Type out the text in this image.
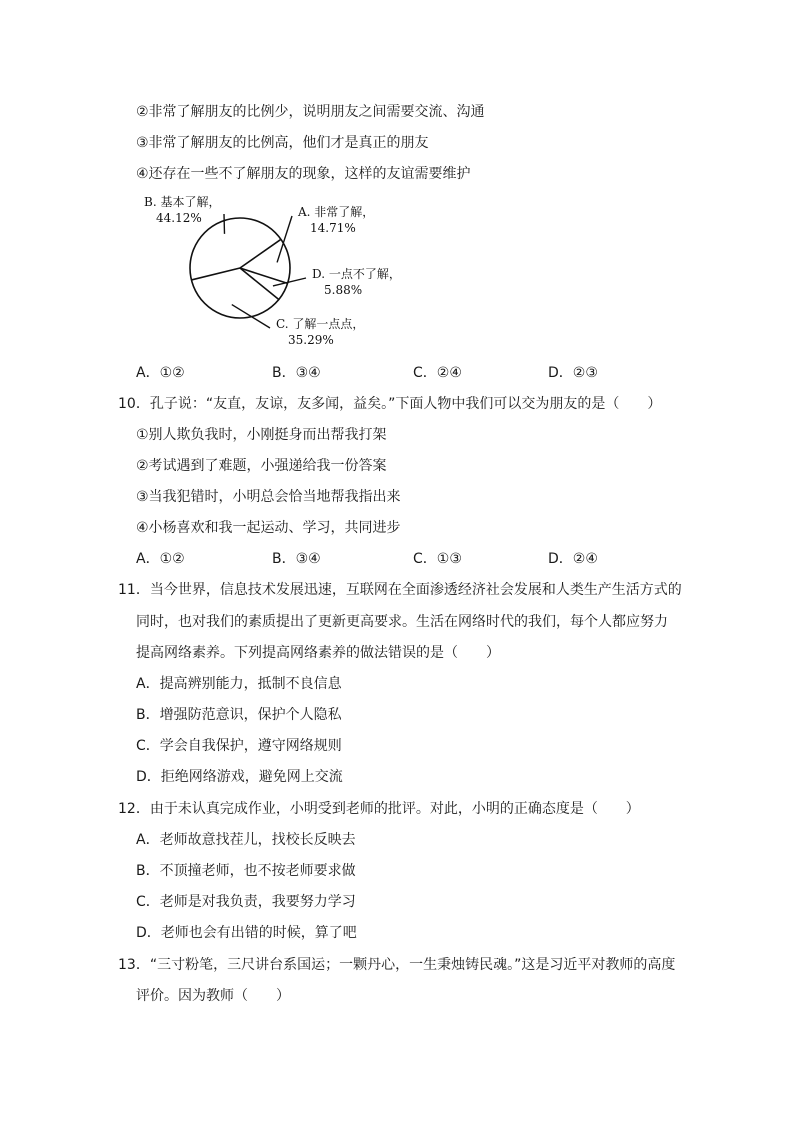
②非常了解朋友的比例少，说明朋友之间需要交流、沟通
③非常了解朋友的比例高，他们才是真正的朋友
④还存在一些不了解朋友的现象，这样的友谊需要维护
A. 非常了解，
14.71%
D. 一点不了解，
5.88%
C. 了解一点点，
35.29%
B. 基本了解，
44.12%
A．①②	B．③④	C．②④	D．②③
10．孔子说：“友直，友谅，友多闻，益矣。”下面人物中我们可以交为朋友的是（　　）
①别人欺负我时，小刚挺身而出帮我打架
②考试遇到了难题，小强递给我一份答案
③当我犯错时，小明总会恰当地帮我指出来
④小杨喜欢和我一起运动、学习，共同进步
A．①②	B．③④	C．①③	D．②④
11．当今世界，信息技术发展迅速，互联网在全面渗透经济社会发展和人类生产生活方式的
同时，也对我们的素质提出了更新更高要求。生活在网络时代的我们，每个人都应努力
提高网络素养。下列提高网络素养的做法错误的是（　　）
A．提高辨别能力，抵制不良信息
B．增强防范意识，保护个人隐私
C．学会自我保护，遵守网络规则
D．拒绝网络游戏，避免网上交流
12．由于未认真完成作业，小明受到老师的批评。对此，小明的正确态度是（　　）
A．老师故意找茬儿，找校长反映去
B．不顶撞老师，也不按老师要求做
C．老师是对我负责，我要努力学习
D．老师也会有出错的时候，算了吧
13．“三寸粉笔，三尺讲台系国运；一颗丹心，一生秉烛铸民魂。”这是习近平对教师的高度
评价。因为教师（　　）
